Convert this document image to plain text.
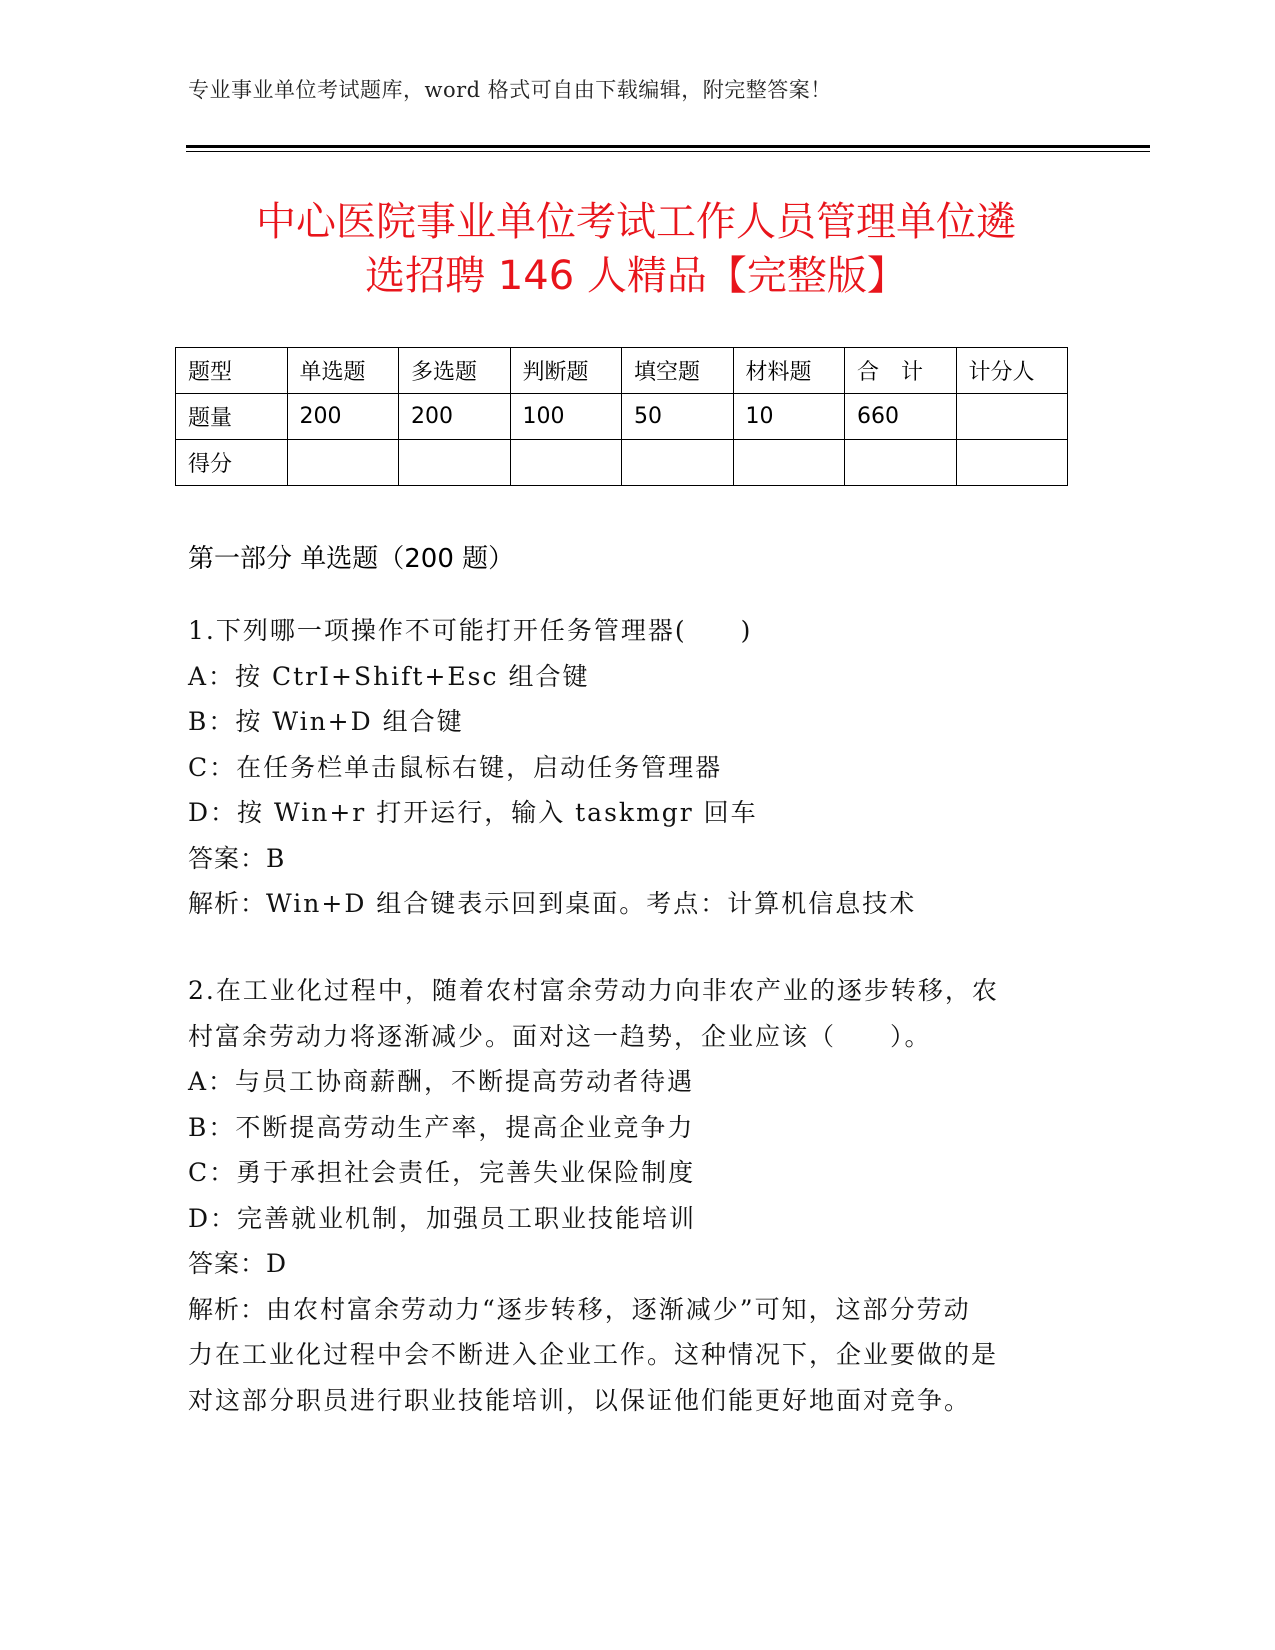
专业事业单位考试题库，word 格式可自由下载编辑，附完整答案！
中心医院事业单位考试工作人员管理单位遴
选招聘 146 人精品【完整版】
题型	单选题	多选题	判断题	填空题	材料题	合　计	计分人
题量	200	200	100	50	10	660	
得分							
第一部分 单选题（200 题）

1.下列哪一项操作不可能打开任务管理器(　　)

A：按 CtrI+Shift+Esc 组合键

B：按 Win+D 组合键

C：在任务栏单击鼠标右键，启动任务管理器

D：按 Win+r 打开运行，输入 taskmgr 回车

答案：B

解析：Win+D 组合键表示回到桌面。考点：计算机信息技术

2.在工业化过程中，随着农村富余劳动力向非农产业的逐步转移，农

村富余劳动力将逐渐减少。面对这一趋势，企业应该（　　）。

A：与员工协商薪酬，不断提高劳动者待遇

B：不断提高劳动生产率，提高企业竞争力

C：勇于承担社会责任，完善失业保险制度

D：完善就业机制，加强员工职业技能培训

答案：D

解析：由农村富余劳动力“逐步转移，逐渐减少”可知，这部分劳动

力在工业化过程中会不断进入企业工作。这种情况下，企业要做的是

对这部分职员进行职业技能培训，以保证他们能更好地面对竞争。
